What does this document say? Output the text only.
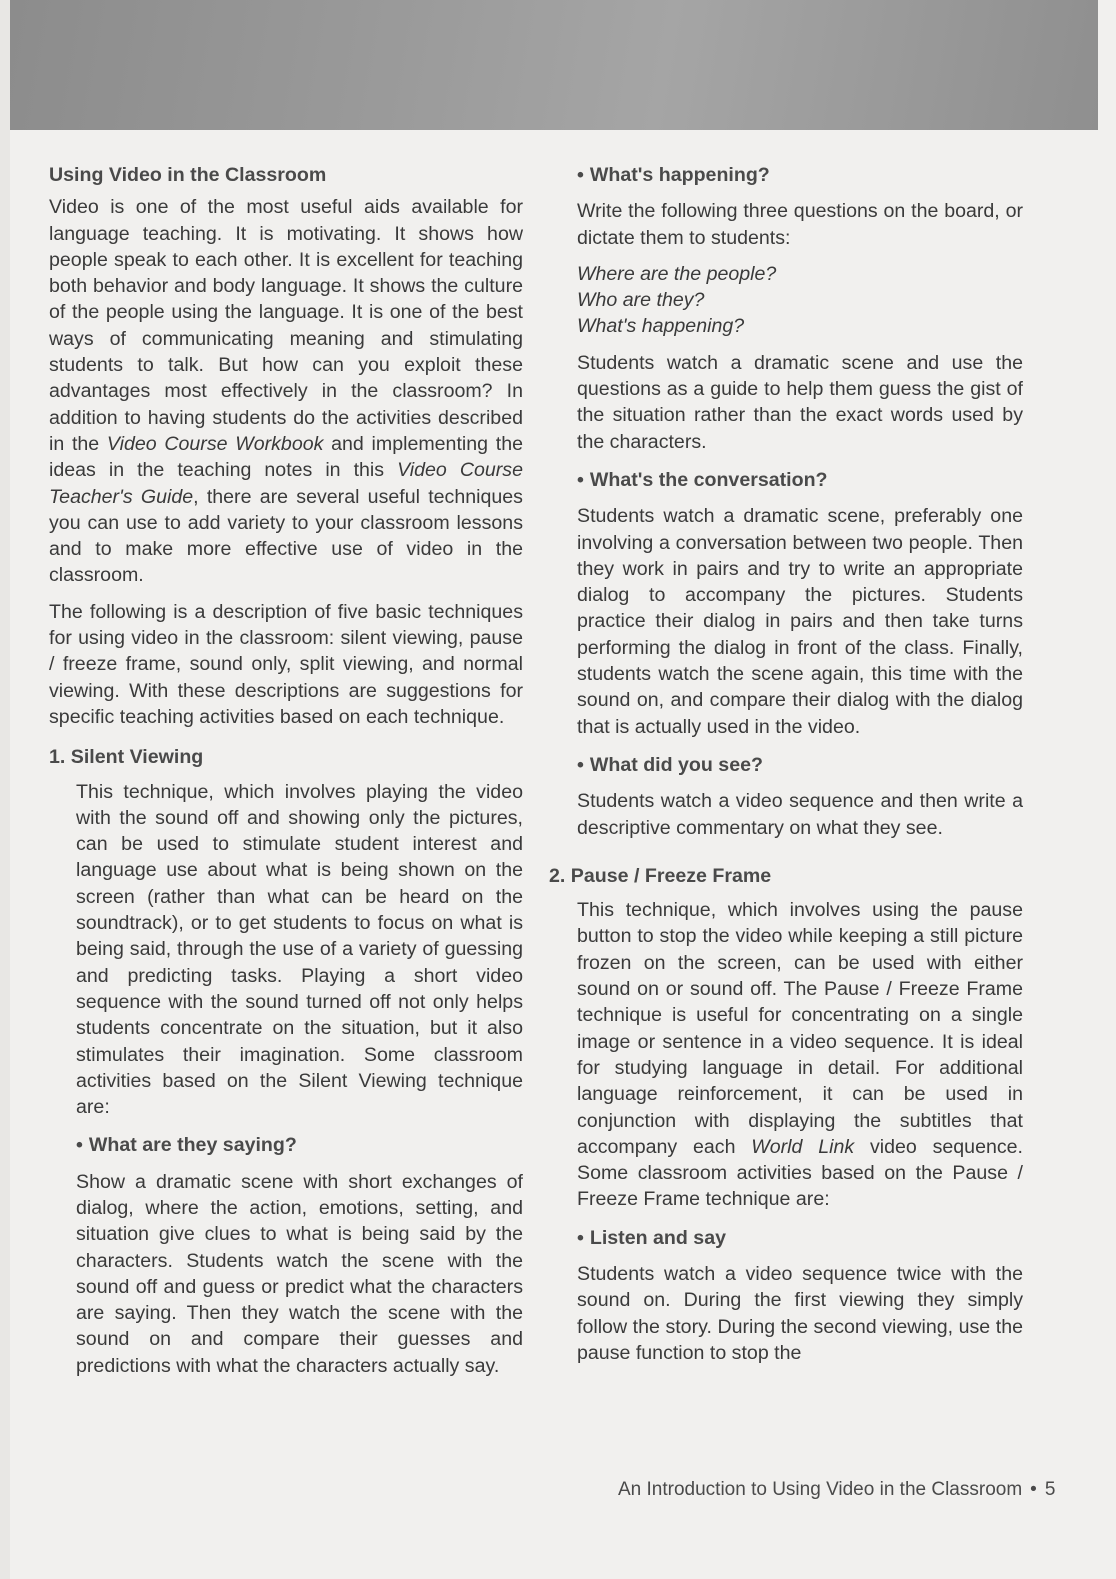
Using Video in the Classroom

Video is one of the most useful aids available for language teaching. It is motivating. It shows how people speak to each other. It is excellent for teaching both behavior and body language. It shows the culture of the people using the language. It is one of the best ways of communicating meaning and stimulating students to talk. But how can you exploit these advantages most effectively in the classroom? In addition to having students do the activities described in the Video Course Workbook and implementing the ideas in the teaching notes in this Video Course Teacher's Guide, there are several useful techniques you can use to add variety to your classroom lessons and to make more effective use of video in the classroom.

The following is a description of five basic techniques for using video in the classroom: silent viewing, pause / freeze frame, sound only, split viewing, and normal viewing. With these descriptions are suggestions for specific teaching activities based on each technique.

1. Silent Viewing

This technique, which involves playing the video with the sound off and showing only the pictures, can be used to stimulate student interest and language use about what is being shown on the screen (rather than what can be heard on the soundtrack), or to get students to focus on what is being said, through the use of a variety of guessing and predicting tasks. Playing a short video sequence with the sound turned off not only helps students concentrate on the situation, but it also stimulates their imagination. Some classroom activities based on the Silent Viewing technique are:

• What are they saying?

Show a dramatic scene with short exchanges of dialog, where the action, emotions, setting, and situation give clues to what is being said by the characters. Students watch the scene with the sound off and guess or predict what the characters are saying. Then they watch the scene with the sound on and compare their guesses and predictions with what the characters actually say.

• What's happening?

Write the following three questions on the board, or dictate them to students:

Where are the people?
Who are they?
What's happening?

Students watch a dramatic scene and use the questions as a guide to help them guess the gist of the situation rather than the exact words used by the characters.

• What's the conversation?

Students watch a dramatic scene, preferably one involving a conversation between two people. Then they work in pairs and try to write an appropriate dialog to accompany the pictures. Students practice their dialog in pairs and then take turns performing the dialog in front of the class. Finally, students watch the scene again, this time with the sound on, and compare their dialog with the dialog that is actually used in the video.

• What did you see?

Students watch a video sequence and then write a descriptive commentary on what they see.

2. Pause / Freeze Frame

This technique, which involves using the pause button to stop the video while keeping a still picture frozen on the screen, can be used with either sound on or sound off. The Pause / Freeze Frame technique is useful for concentrating on a single image or sentence in a video sequence. It is ideal for studying language in detail. For additional language reinforcement, it can be used in conjunction with displaying the subtitles that accompany each World Link video sequence. Some classroom activities based on the Pause / Freeze Frame technique are:

• Listen and say

Students watch a video sequence twice with the sound on. During the first viewing they simply follow the story. During the second viewing, use the pause function to stop the

An Introduction to Using Video in the Classroom • 5
